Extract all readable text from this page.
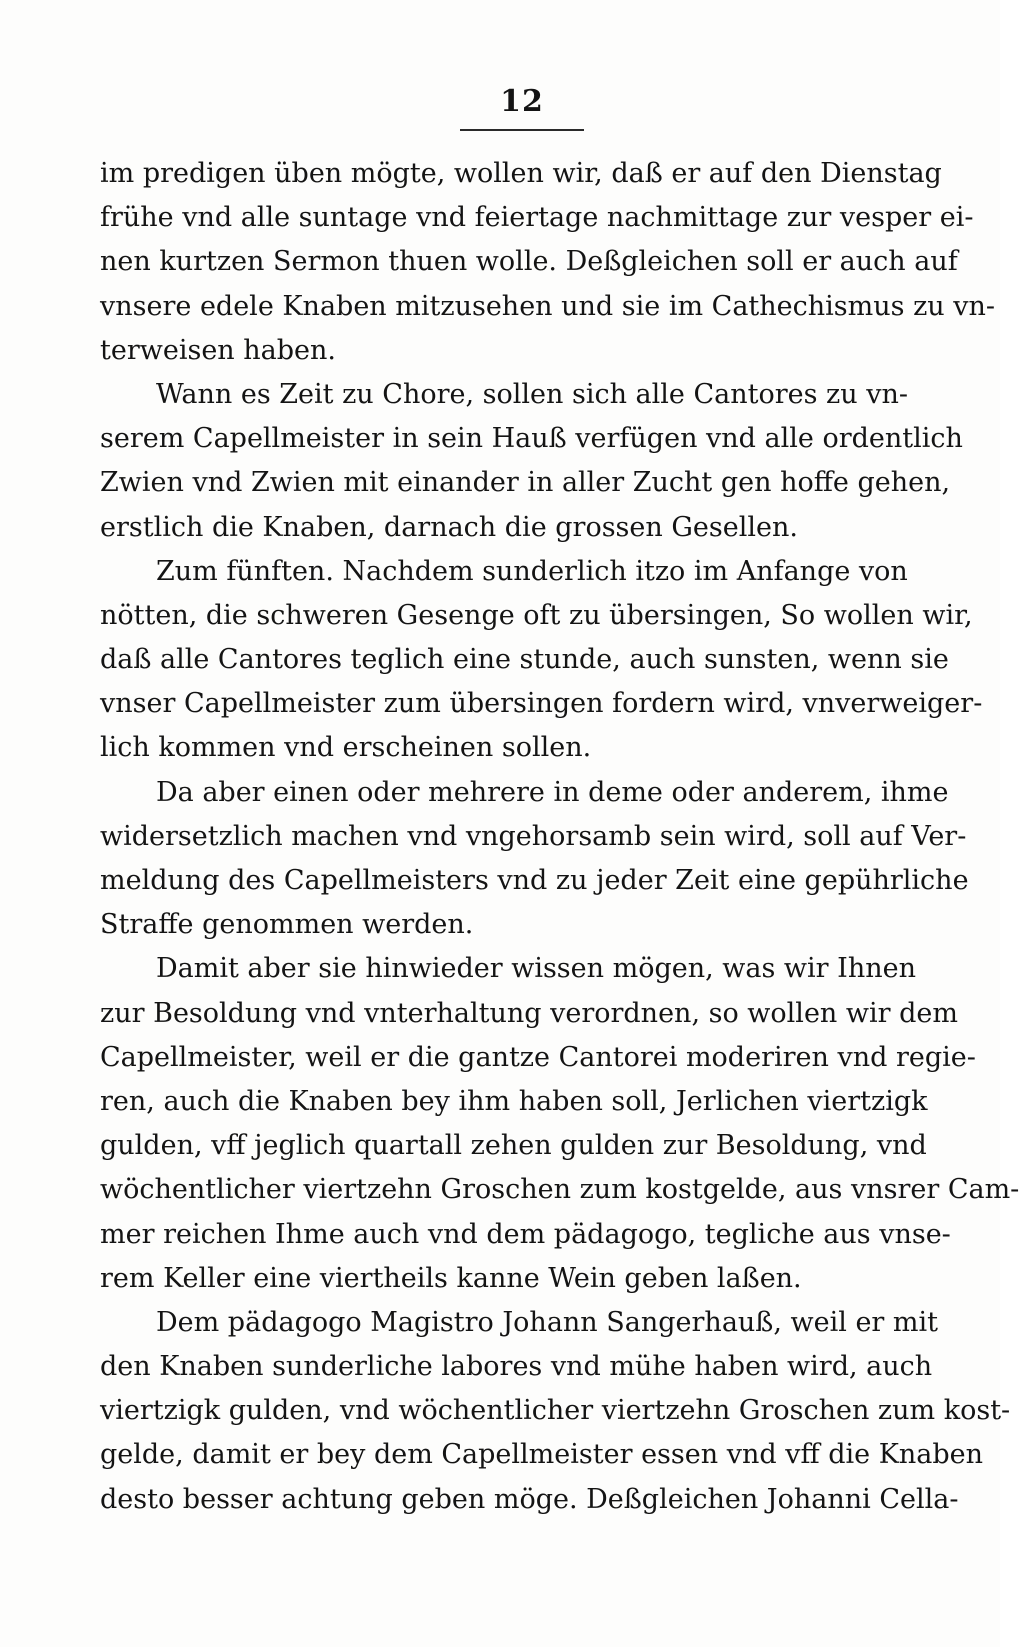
12
im predigen üben mögte, wollen wir, daß er auf den Dienstag
frühe vnd alle suntage vnd feiertage nachmittage zur vesper ei-
nen kurtzen Sermon thuen wolle. Deßgleichen soll er auch auf
vnsere edele Knaben mitzusehen und sie im Cathechismus zu vn-
terweisen haben.
Wann es Zeit zu Chore, sollen sich alle Cantores zu vn-
serem Capellmeister in sein Hauß verfügen vnd alle ordentlich
Zwien vnd Zwien mit einander in aller Zucht gen hoffe gehen,
erstlich die Knaben, darnach die grossen Gesellen.
Zum fünften. Nachdem sunderlich itzo im Anfange von
nötten, die schweren Gesenge oft zu übersingen, So wollen wir,
daß alle Cantores teglich eine stunde, auch sunsten, wenn sie
vnser Capellmeister zum übersingen fordern wird, vnverweiger-
lich kommen vnd erscheinen sollen.
Da aber einen oder mehrere in deme oder anderem, ihme
widersetzlich machen vnd vngehorsamb sein wird, soll auf Ver-
meldung des Capellmeisters vnd zu jeder Zeit eine gepührliche
Straffe genommen werden.
Damit aber sie hinwieder wissen mögen, was wir Ihnen
zur Besoldung vnd vnterhaltung verordnen, so wollen wir dem
Capellmeister, weil er die gantze Cantorei moderiren vnd regie-
ren, auch die Knaben bey ihm haben soll, Jerlichen viertzigk
gulden, vff jeglich quartall zehen gulden zur Besoldung, vnd
wöchentlicher viertzehn Groschen zum kostgelde, aus vnsrer Cam-
mer reichen Ihme auch vnd dem pädagogo, tegliche aus vnse-
rem Keller eine viertheils kanne Wein geben laßen.
Dem pädagogo Magistro Johann Sangerhauß, weil er mit
den Knaben sunderliche labores vnd mühe haben wird, auch
viertzigk gulden, vnd wöchentlicher viertzehn Groschen zum kost-
gelde, damit er bey dem Capellmeister essen vnd vff die Knaben
desto besser achtung geben möge. Deßgleichen Johanni Cella-
